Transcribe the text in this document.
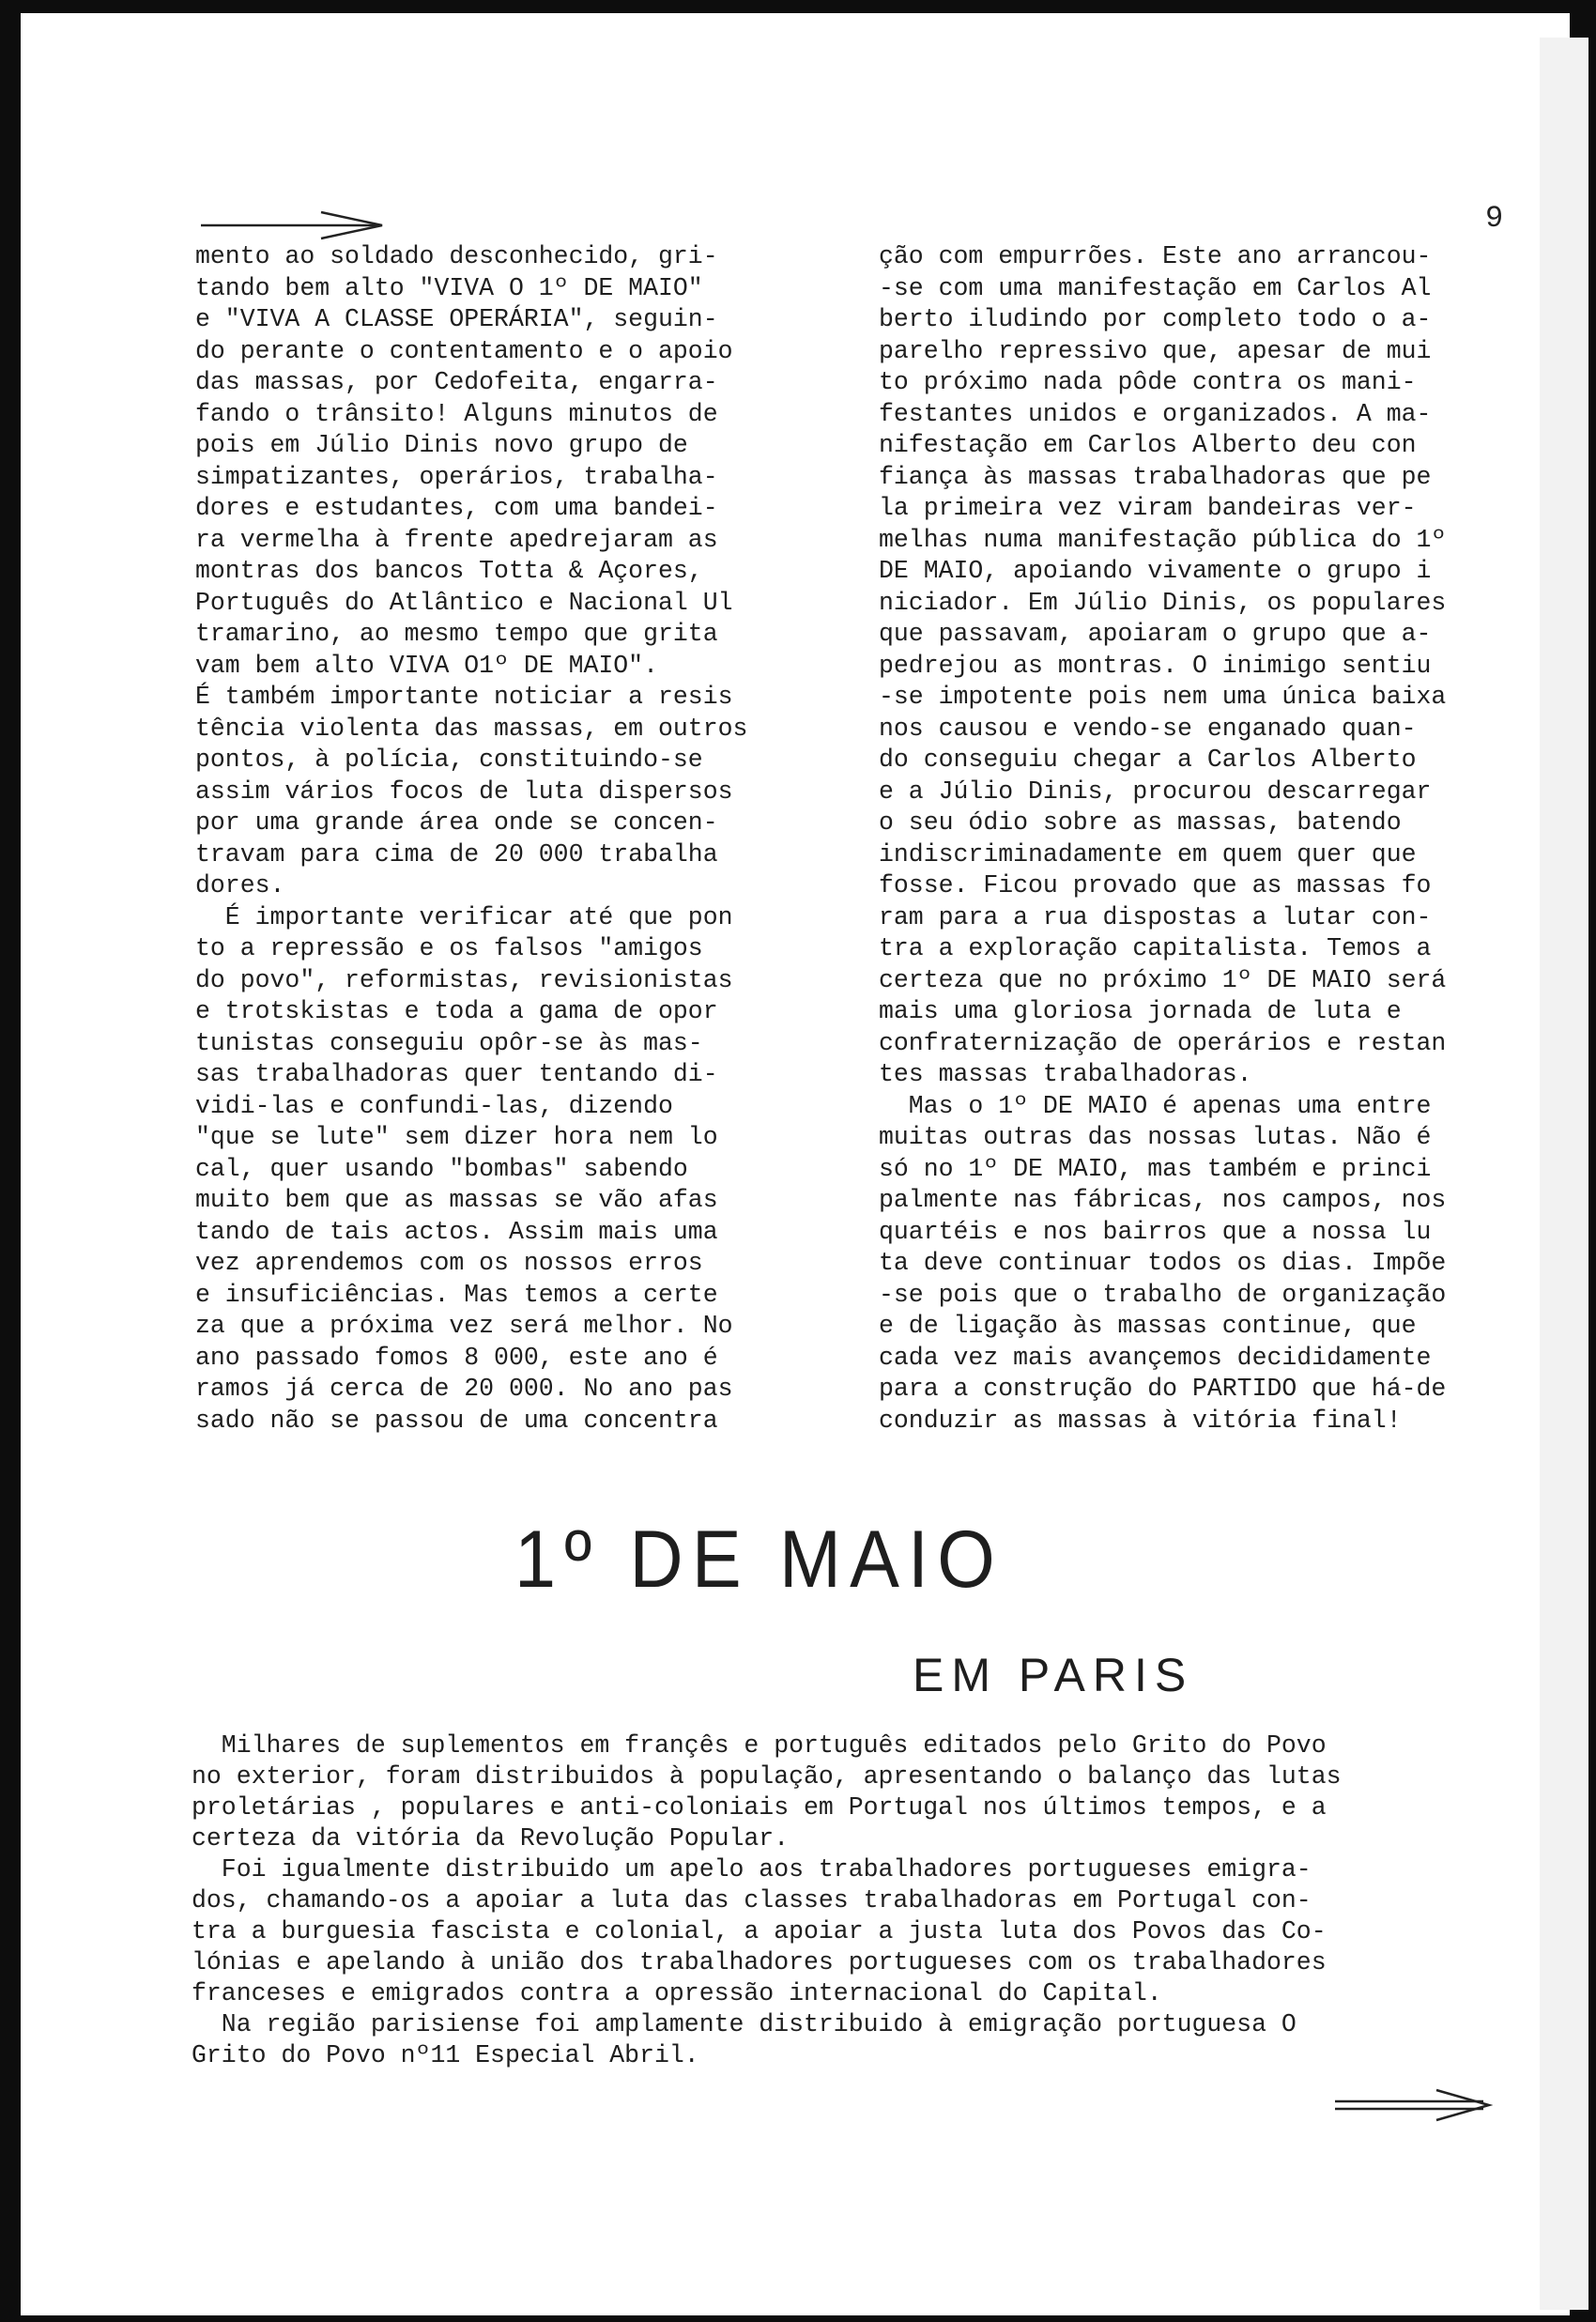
9

mento ao soldado desconhecido, gri-

tando bem alto "VIVA O 1º DE MAIO"

e "VIVA A CLASSE OPERÁRIA", seguin-

do perante o contentamento e o apoio

das massas, por Cedofeita, engarra-

fando o trânsito! Alguns minutos de

pois em Júlio Dinis novo grupo de

simpatizantes, operários, trabalha-

dores e estudantes, com uma bandei-

ra vermelha à frente apedrejaram as

montras dos bancos Totta & Açores,

Português do Atlântico e Nacional Ul

tramarino, ao mesmo tempo que grita

vam bem alto VIVA O1º DE MAIO".

É também importante noticiar a resis

tência violenta das massas, em outros

pontos, à polícia, constituindo-se

assim vários focos de luta dispersos

por uma grande área onde se concen-

travam para cima de 20 000 trabalha

dores.

É importante verificar até que pon

to a repressão e os falsos "amigos

do povo", reformistas, revisionistas

e trotskistas e toda a gama de opor

tunistas conseguiu opôr-se às mas-

sas trabalhadoras quer tentando di-

vidi-las e confundi-las, dizendo

"que se lute" sem dizer hora nem lo

cal, quer usando "bombas" sabendo

muito bem que as massas se vão afas

tando de tais actos. Assim mais uma

vez aprendemos com os nossos erros

e insuficiências. Mas temos a certe

za que a próxima vez será melhor. No

ano passado fomos 8 000, este ano é

ramos já cerca de 20 000. No ano pas

sado não se passou de uma concentra

ção com empurrões. Este ano arrancou-

-se com uma manifestação em Carlos Al

berto iludindo por completo todo o a-

parelho repressivo que, apesar de mui

to próximo nada pôde contra os mani-

festantes unidos e organizados. A ma-

nifestação em Carlos Alberto deu con

fiança às massas trabalhadoras que pe

la primeira vez viram bandeiras ver-

melhas numa manifestação pública do 1º

DE MAIO, apoiando vivamente o grupo i

niciador. Em Júlio Dinis, os populares

que passavam, apoiaram o grupo que a-

pedrejou as montras. O inimigo sentiu

-se impotente pois nem uma única baixa

nos causou e vendo-se enganado quan-

do conseguiu chegar a Carlos Alberto

e a Júlio Dinis, procurou descarregar

o seu ódio sobre as massas, batendo

indiscriminadamente em quem quer que

fosse. Ficou provado que as massas fo

ram para a rua dispostas a lutar con-

tra a exploração capitalista. Temos a

certeza que no próximo 1º DE MAIO será

mais uma gloriosa jornada de luta e

confraternização de operários e restan

tes massas trabalhadoras.

Mas o 1º DE MAIO é apenas uma entre

muitas outras das nossas lutas. Não é

só no 1º DE MAIO, mas também e princi

palmente nas fábricas, nos campos, nos

quartéis e nos bairros que a nossa lu

ta deve continuar todos os dias. Impõe

-se pois que o trabalho de organização

e de ligação às massas continue, que

cada vez mais avançemos decididamente

para a construção do PARTIDO que há-de

conduzir as massas à vitória final!

1º DE MAIO
EM PARIS

Milhares de suplementos em françês e português editados pelo Grito do Povo

no exterior, foram distribuidos à população, apresentando o balanço das lutas

proletárias , populares e anti-coloniais em Portugal nos últimos tempos, e a

certeza da vitória da Revolução Popular.

Foi igualmente distribuido um apelo aos trabalhadores portugueses emigra-

dos, chamando-os a apoiar a luta das classes trabalhadoras em Portugal con-

tra a burguesia fascista e colonial, a apoiar a justa luta dos Povos das Co-

lónias e apelando à união dos trabalhadores portugueses com os trabalhadores

franceses e emigrados contra a opressão internacional do Capital.

Na região parisiense foi amplamente distribuido à emigração portuguesa O

Grito do Povo nº11 Especial Abril.
